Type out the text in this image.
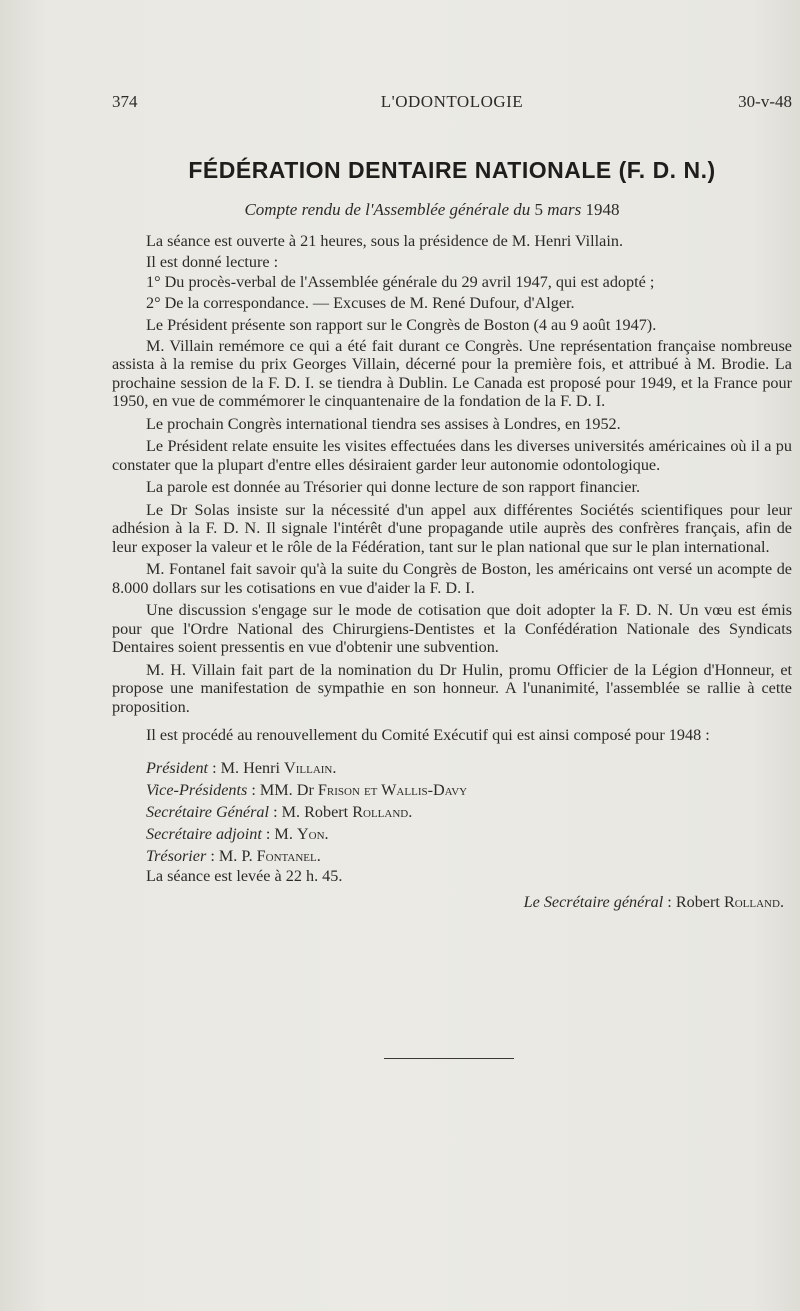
374	L'ODONTOLOGIE	30-v-48
FÉDÉRATION DENTAIRE NATIONALE (F. D. N.)
Compte rendu de l'Assemblée générale du 5 mars 1948

La séance est ouverte à 21 heures, sous la présidence de M. Henri Villain.

Il est donné lecture :

1° Du procès-verbal de l'Assemblée générale du 29 avril 1947, qui est adopté ;

2° De la correspondance. — Excuses de M. René Dufour, d'Alger.

Le Président présente son rapport sur le Congrès de Boston (4 au 9 août 1947).

M. Villain remémore ce qui a été fait durant ce Congrès. Une représentation française nombreuse assista à la remise du prix Georges Villain, décerné pour la première fois, et attribué à M. Brodie. La prochaine session de la F. D. I. se tiendra à Dublin. Le Canada est proposé pour 1949, et la France pour 1950, en vue de commémorer le cinquantenaire de la fondation de la F. D. I.

Le prochain Congrès international tiendra ses assises à Londres, en 1952.

Le Président relate ensuite les visites effectuées dans les diverses universités américaines où il a pu constater que la plupart d'entre elles désiraient garder leur autonomie odontologique.

La parole est donnée au Trésorier qui donne lecture de son rapport financier.

Le Dr Solas insiste sur la nécessité d'un appel aux différentes Sociétés scientifiques pour leur adhésion à la F. D. N. Il signale l'intérêt d'une propagande utile auprès des confrères français, afin de leur exposer la valeur et le rôle de la Fédération, tant sur le plan national que sur le plan international.

M. Fontanel fait savoir qu'à la suite du Congrès de Boston, les américains ont versé un acompte de 8.000 dollars sur les cotisations en vue d'aider la F. D. I.

Une discussion s'engage sur le mode de cotisation que doit adopter la F. D. N. Un vœu est émis pour que l'Ordre National des Chirurgiens-Dentistes et la Confédération Nationale des Syndicats Dentaires soient pressentis en vue d'obtenir une subvention.

M. H. Villain fait part de la nomination du Dr Hulin, promu Officier de la Légion d'Honneur, et propose une manifestation de sympathie en son honneur. A l'unanimité, l'assemblée se rallie à cette proposition.

Il est procédé au renouvellement du Comité Exécutif qui est ainsi composé pour 1948 :

Président : M. Henri Villain.
Vice-Présidents : MM. Dr Frison et Wallis-Davy
Secrétaire Général : M. Robert Rolland.
Secrétaire adjoint : M. Yon.
Trésorier : M. P. Fontanel.

La séance est levée à 22 h. 45.

Le Secrétaire général : Robert Rolland.
